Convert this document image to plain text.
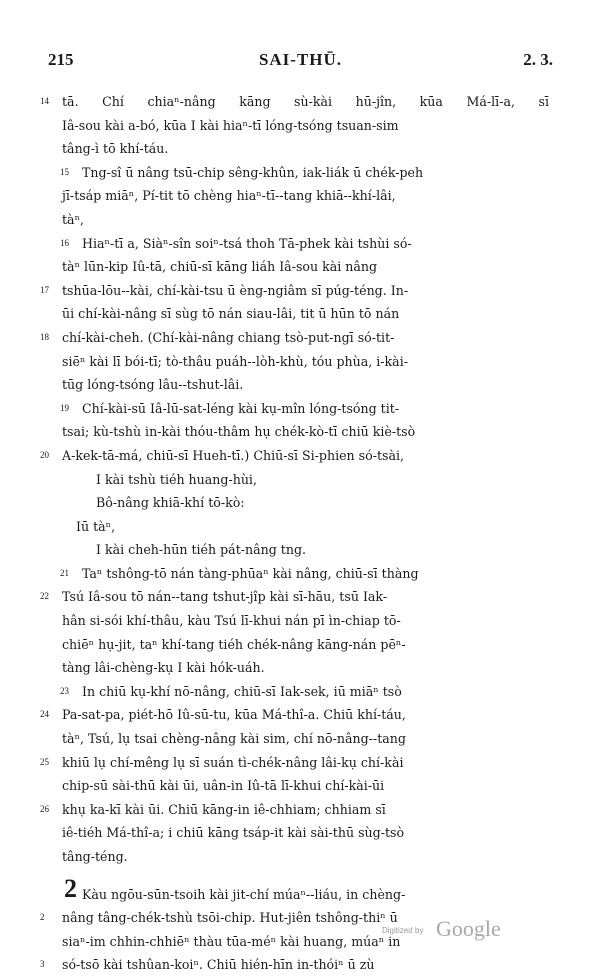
215	SAI-THŪ.	2. 3.
14 tā. Chí chiaⁿ-nâng kāng sù-kài hū-jîn, kūa Má-lī-a, sī
Iâ-sou kài a-bó, kūa I kài hiaⁿ-tī lóng-tsóng tsuan-sim
tâng-ì tō khí-táu.
15 Tng-sî ū nâng tsū-chip sêng-khûn, iak-liák ū chék-peh
jī-tsáp miāⁿ, Pí-tit tō chèng hiaⁿ-tī--tang khiā--khí-lâi,
tàⁿ,
16 Hiaⁿ-tī a, Siàⁿ-sîn soiⁿ-tsá thoh Tā-phek kài tshùi só-
tàⁿ lūn-kip Iû-tā, chiū-sī kāng liáh Iâ-sou kài nâng
17 tshūa-lōu--kài, chí-kài-tsu ū èng-ngiâm sī púg-téng. In-
ūi chí-kài-nâng sī sùg tō nán siau-lâi, tit ū hūn tō nán
18 chí-kài-cheh. (Chí-kài-nâng chiang tsò-put-ngī só-tit-
siēⁿ kài lī bói-tī; tò-thâu puáh--lòh-khù, tóu phùa, i-kài-
tūg lóng-tsóng lâu--tshut-lâi.
19 Chí-kài-sū Iâ-lū-sat-léng kài kụ-mîn lóng-tsóng tit-
tsai; kù-tshù in-kài thóu-thâm hụ chék-kò-tī chiū kiè-tsò
20 A-kek-tā-má, chiū-sī Hueh-tī.) Chiū-sī Si-phien só-tsài,
I kài tshù tiéh huang-hùi,
Bô-nâng khiā-khí tō-kò:
Iū tàⁿ,
I kài cheh-hūn tiéh pát-nâng tng.
21 Taⁿ tshông-tō nán tàng-phūaⁿ kài nâng, chiū-sī thàng
22 Tsú Iâ-sou tō nán--tang tshut-jîp kài sī-hāu, tsū Iak-
hân si-sói khí-thâu, kàu Tsú lī-khui nán pī ìn-chiap tō-
chiēⁿ hụ-jit, taⁿ khí-tang tiéh chék-nâng kāng-nán pēⁿ-
tàng lâi-chèng-kụ I kài hók-uáh.
23 In chiū kụ-khí nō-nâng, chiū-sī Iak-sek, iū miāⁿ tsò
24 Pa-sat-pa, piét-hō Iû-sū-tu, kūa Má-thî-a. Chiū khí-táu,
tàⁿ, Tsú, lụ tsai chèng-nâng kài sim, chí nō-nâng--tang
25 khiū lụ chí-mêng lụ sī suán tì-chék-nâng lâi-kụ chí-kài
chip-sū sài-thū kài ūi, uân-in Iû-tā lī-khui chí-kài-ūi
26 khụ ka-kī kài ūi. Chiū kāng-in iê-chhiam; chhiam sī
iê-tiéh Má-thî-a; i chiū kāng tsáp-it kài sài-thū sùg-tsò
tâng-téng.
2 Kàu ngōu-sūn-tsoih kài jit-chí múaⁿ--liáu, in chèng-
2 nâng tâng-chék-tshù tsōi-chip. Hut-jiên tshông-thiⁿ ū
siaⁿ-im chhin-chhiēⁿ thàu tūa-méⁿ kài huang, múaⁿ in
3 só-tsō kài tshûan-koiⁿ. Chiū hién-hīn in-thóiⁿ ū zù
Digitized by Google
